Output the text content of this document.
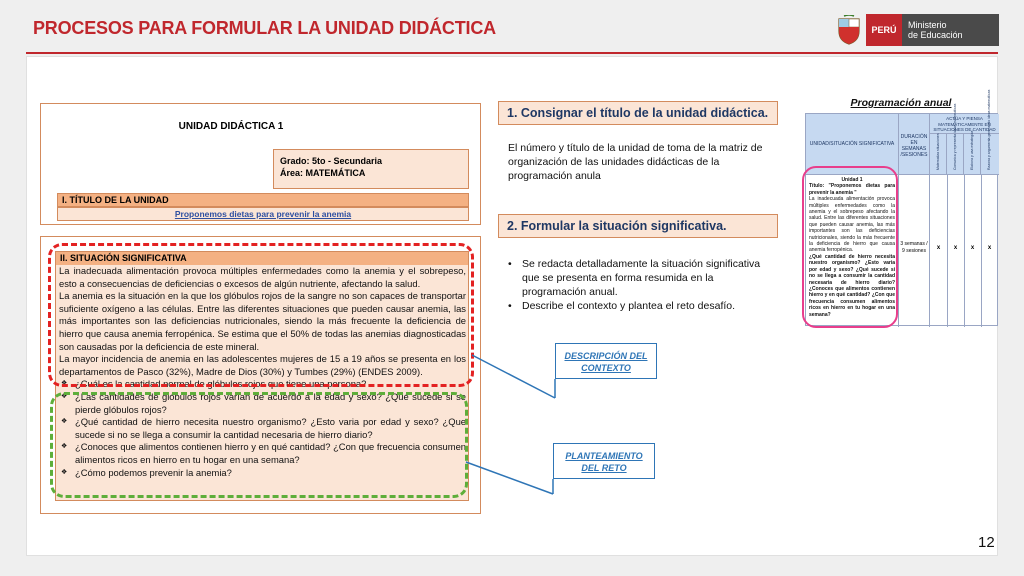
PROCESOS PARA FORMULAR LA UNIDAD DIDÁCTICA	PERÚ	Ministerio
de Educación
UNIDAD DIDÁCTICA 1
Grado: 5to - Secundaria
Área: MATEMÁTICA
I. TÍTULO DE LA UNIDAD
Proponemos dietas para prevenir la anemia
II. SITUACIÓN SIGNIFICATIVA

La inadecuada alimentación provoca múltiples enfermedades como la anemia y el sobrepeso, esto a consecuencias de deficiencias o excesos de algún nutriente, afectando la salud.

La anemia es la situación en la que los glóbulos rojos de la sangre no son capaces de transportar suficiente oxígeno a las células. Entre las diferentes situaciones que pueden causar anemia, las más importantes son las deficiencias nutricionales, siendo la más frecuente la deficiencia de hierro que causa anemia ferropénica. Se estima que el 50% de todas las anemias diagnosticadas son causadas por la deficiencia de este mineral.

La mayor incidencia de anemia en las adolescentes mujeres de 15 a 19 años se presenta en los departamentos de Pasco (32%), Madre de Dios (30%) y Tumbes (29%) (ENDES 2009).

❖ ¿Cuál es la cantidad normal de glóbulos rojos que tiene una persona?
❖ ¿Las cantidades de glóbulos rojos varían de acuerdo a la edad y sexo? ¿Qué sucede si se pierde glóbulos rojos?
❖ ¿Qué cantidad de hierro necesita nuestro organismo? ¿Esto varia por edad y sexo? ¿Que sucede si no se llega a consumir la cantidad necesaria de hierro diario?
❖ ¿Conoces que alimentos contienen hierro y en qué cantidad? ¿Con que frecuencia consumen alimentos ricos en hierro en tu hogar en una semana?
❖ ¿Cómo podemos prevenir la anemia?
1. Consignar el título de la unidad didáctica.
El número y título de la unidad de toma de la matriz de organización de las unidades didácticas de la programación anula
2. Formular la situación significativa.
• Se redacta detalladamente la situación significativa que se presenta en forma resumida en la programación anual.
• Describe el contexto y plantea el reto desafío.
DESCRIPCIÓN DEL CONTEXTO
PLANTEAMIENTO DEL RETO
Programación anual
UNIDAD/SITUACIÓN SIGNIFICATIVA
DURACIÓN EN SEMANAS /SESIONES
ACTÚA Y PIENSA MATEMÁTICAMENTE EN SITUACIONES DE CANTIDAD
Matematiza situaciones	Comunica y representa ideas matemáticas	Elabora y usa estrategias	Razona y argumenta generando ideas matemáticas
Unidad 1
Título: "Proponemos dietas para prevenir la anemia "
La inadecuada alimentación provoca múltiples enfermedades como la anemia y el sobrepeso afectando la salud. Entre las diferentes situaciones que pueden causar anemia, las más importantes son las deficiencias nutricionales, siendo la más frecuente la deficiencia de hierro que causa anemia ferropénica.
¿Qué cantidad de hierro necesita nuestro organismo? ¿Esto varia por edad y sexo? ¿Qué sucede si no se llega a consumir la cantidad necesaria de hierro diario? ¿Conoces que alimentos contienen hierro y en qué cantidad? ¿Con que frecuencia consumen alimentos ricos en hierro en tu hogar en una semana?
3 semanas / 9 sesiones	x	x	x	x
12
